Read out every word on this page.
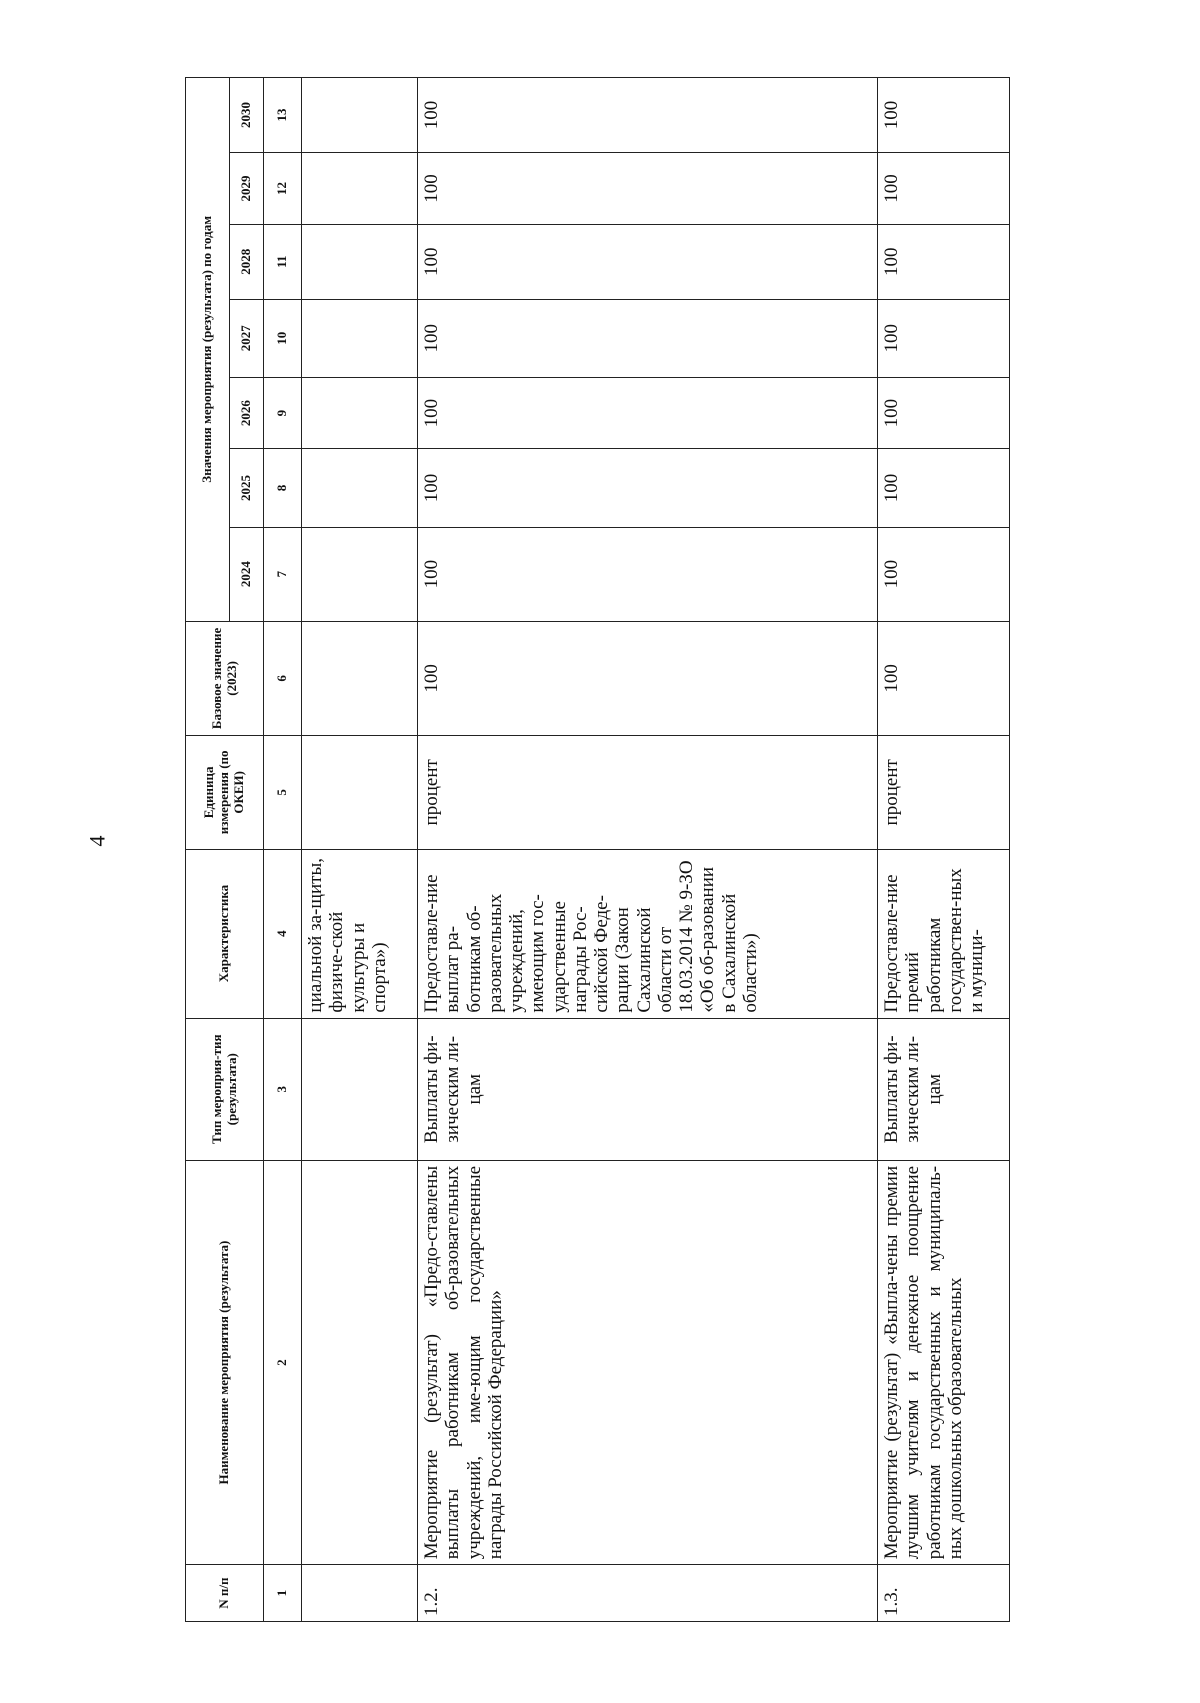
4
N п/п	Наименование мероприятия (результата)	Тип мероприя-тия (результата)	Характеристика	Единица измерения (по ОКЕИ)	Базовое значение (2023)	Значения мероприятия (результата) по годам						
						2024	2025	2026	2027	2028	2029	2030
1	2	3	4	5	6	7	8	9	10	11	12	13
			циальной за-щиты, физиче-ской культуры и спорта»)									
1.2.	Мероприятие (результат) «Предо-ставлены выплаты работникам об-разовательных учреждений, име-ющим государственные награды Российской Федерации»	Выплаты фи-зическим ли-цам	Предоставле-ние выплат ра-ботникам об-разовательных учреждений, имеющим гос-ударственные награды Рос-сийской Феде-рации (Закон Сахалинской области от 18.03.2014 № 9-ЗО «Об об-разовании в Сахалинской области»)	процент	100	100	100	100	100	100	100	100
1.3.	Мероприятие (результат) «Выпла-чены премии лучшим учителям и денежное поощрение работникам государственных и муниципаль-ных дошкольных образовательных	Выплаты фи-зическим ли-цам	Предоставле-ние премий работникам государствен-ных и муници-	процент	100	100	100	100	100	100	100	100
